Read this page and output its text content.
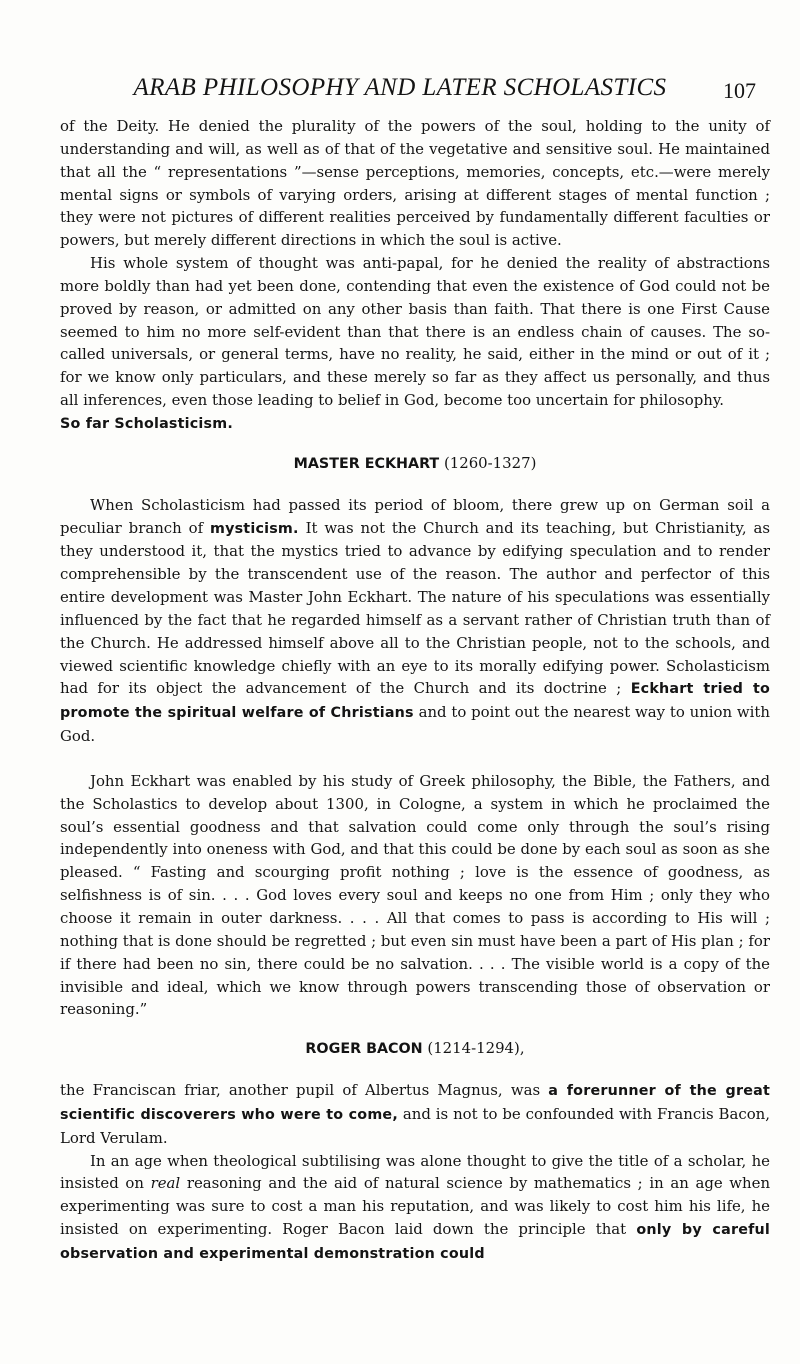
ARAB PHILOSOPHY AND LATER SCHOLASTICS	107

of the Deity. He denied the plurality of the powers of the soul, holding to the unity of understanding and will, as well as of that of the vegetative and sensitive soul. He maintained that all the “ representations ”—sense perceptions, memories, concepts, etc.—were merely mental signs or symbols of varying orders, arising at different stages of mental function ; they were not pictures of different realities perceived by fundamentally different faculties or powers, but merely different directions in which the soul is active.

His whole system of thought was anti-papal, for he denied the reality of abstractions more boldly than had yet been done, contending that even the existence of God could not be proved by reason, or admitted on any other basis than faith. That there is one First Cause seemed to him no more self-evident than that there is an endless chain of causes. The so-called universals, or general terms, have no reality, he said, either in the mind or out of it ; for we know only particulars, and these merely so far as they affect us personally, and thus all inferences, even those leading to belief in God, become too uncertain for philosophy.
So far Scholasticism.

MASTER ECKHART (1260-1327)

When Scholasticism had passed its period of bloom, there grew up on German soil a peculiar branch of mysticism. It was not the Church and its teaching, but Christianity, as they understood it, that the mystics tried to advance by edifying speculation and to render comprehensible by the transcendent use of the reason. The author and perfector of this entire development was Master John Eckhart. The nature of his speculations was essentially influenced by the fact that he regarded himself as a servant rather of Christian truth than of the Church. He addressed himself above all to the Christian people, not to the schools, and viewed scientific knowledge chiefly with an eye to its morally edifying power. Scholasticism had for its object the advancement of the Church and its doctrine ; Eckhart tried to promote the spiritual welfare of Christians and to point out the nearest way to union with God.

John Eckhart was enabled by his study of Greek philosophy, the Bible, the Fathers, and the Scholastics to develop about 1300, in Cologne, a system in which he proclaimed the soul’s essential goodness and that salvation could come only through the soul’s rising independently into oneness with God, and that this could be done by each soul as soon as she pleased. “ Fasting and scourging profit nothing ; love is the essence of goodness, as selfishness is of sin. . . . God loves every soul and keeps no one from Him ; only they who choose it remain in outer darkness. . . . All that comes to pass is according to His will ; nothing that is done should be regretted ; but even sin must have been a part of His plan ; for if there had been no sin, there could be no salvation. . . . The visible world is a copy of the invisible and ideal, which we know through powers transcending those of observation or reasoning.”

ROGER BACON (1214-1294),

the Franciscan friar, another pupil of Albertus Magnus, was a forerunner of the great scientific discoverers who were to come, and is not to be confounded with Francis Bacon, Lord Verulam.

In an age when theological subtilising was alone thought to give the title of a scholar, he insisted on real reasoning and the aid of natural science by mathematics ; in an age when experimenting was sure to cost a man his reputation, and was likely to cost him his life, he insisted on experimenting. Roger Bacon laid down the principle that only by careful observation and experimental demonstration could
